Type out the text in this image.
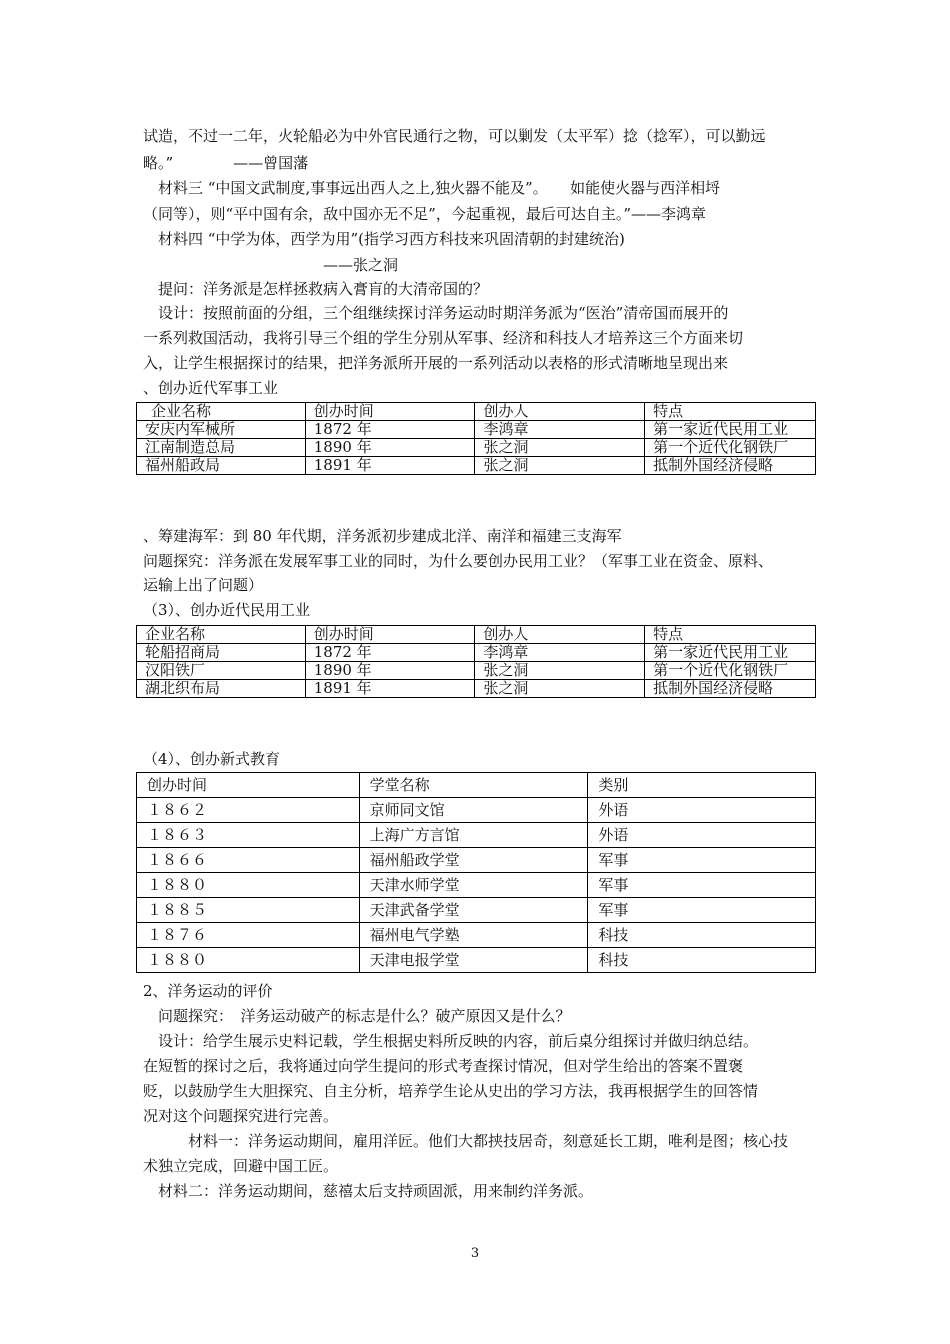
试造，不过一二年，火轮船必为中外官民通行之物，可以剿发（太平军）捻（捻军），可以勤远
略。”　　　　——曾国藩
　材料三 “中国文武制度,事事远出西人之上,独火器不能及”。　　如能使火器与西洋相埒
（同等），则“平中国有余，敌中国亦无不足”，今起重视，最后可达自主。”——李鸿章
　材料四 “中学为体，西学为用”(指学习西方科技来巩固清朝的封建统治)
　　　　　　　　　　　　——张之洞
　提问：洋务派是怎样拯救病入膏肓的大清帝国的？
　设计：按照前面的分组，三个组继续探讨洋务运动时期洋务派为“医治”清帝国而展开的
一系列救国活动，我将引导三个组的学生分别从军事、经济和科技人才培养这三个方面来切
入，让学生根据探讨的结果，把洋务派所开展的一系列活动以表格的形式清晰地呈现出来
、创办近代军事工业
企业名称	创办时间	创办人	特点
安庆内军械所	1872 年	李鸿章	第一家近代民用工业
江南制造总局	1890 年	张之洞	第一个近代化钢铁厂
福州船政局	1891 年	张之洞	抵制外国经济侵略
、筹建海军：到 80 年代期，洋务派初步建成北洋、南洋和福建三支海军
问题探究：洋务派在发展军事工业的同时，为什么要创办民用工业？（军事工业在资金、原料、
运输上出了问题）
（3）、创办近代民用工业
企业名称	创办时间	创办人	特点
轮船招商局	1872 年	李鸿章	第一家近代民用工业
汉阳铁厂	1890 年	张之洞	第一个近代化钢铁厂
湖北织布局	1891 年	张之洞	抵制外国经济侵略
（4）、创办新式教育
创办时间	学堂名称	类别
１８６２	京师同文馆	外语
１８６３	上海广方言馆	外语
１８６６	福州船政学堂	军事
１８８０	天津水师学堂	军事
１８８５	天津武备学堂	军事
１８７６	福州电气学塾	科技
１８８０	天津电报学堂	科技
2、洋务运动的评价
　问题探究：　洋务运动破产的标志是什么？破产原因又是什么？
　设计：给学生展示史料记载，学生根据史料所反映的内容，前后桌分组探讨并做归纳总结。
在短暂的探讨之后，我将通过向学生提问的形式考查探讨情况，但对学生给出的答案不置褒
贬，以鼓励学生大胆探究、自主分析，培养学生论从史出的学习方法，我再根据学生的回答情
况对这个问题探究进行完善。
　　　材料一：洋务运动期间，雇用洋匠。他们大都挟技居奇，刻意延长工期，唯利是图；核心技
术独立完成，回避中国工匠。
　材料二：洋务运动期间，慈禧太后支持顽固派，用来制约洋务派。
3
